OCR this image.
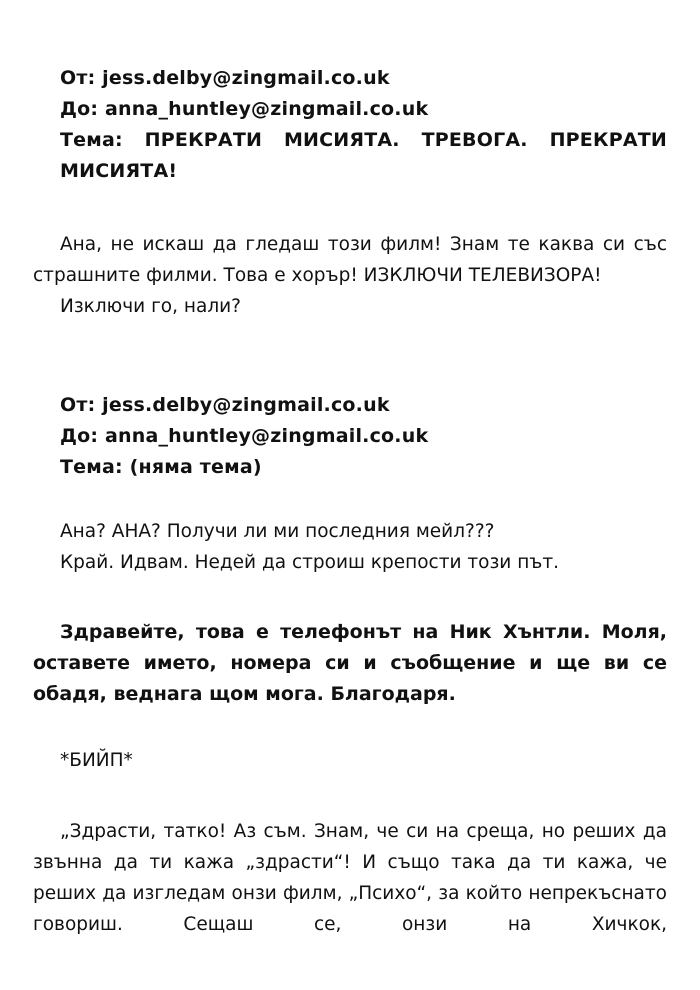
От: jess.delby@zingmail.co.uk
До: anna_huntley@zingmail.co.uk
Тема: ПРЕКРАТИ МИСИЯТА. ТРЕВОГА. ПРЕКРАТИ МИСИЯТА!

Ана, не искаш да гледаш този филм! Знам те каква си със страшните филми. Това е хорър! ИЗКЛЮЧИ ТЕЛЕВИЗОРА!

Изключи го, нали?

От: jess.delby@zingmail.co.uk
До: anna_huntley@zingmail.co.uk
Тема: (няма тема)

Ана? АНА? Получи ли ми последния мейл???

Край. Идвам. Недей да строиш крепости този път.

Здравейте, това е телефонът на Ник Хънтли. Моля, оставете името, номера си и съобщение и ще ви се обадя, веднага щом мога. Благодаря.

*БИЙП*

„Здрасти, татко! Аз съм. Знам, че си на среща, но реших да звънна да ти кажа „здрасти“! И също така да ти кажа, че реших да изгледам онзи филм, „Психо“, за който непрекъснато говориш. Сещаш се, онзи на Хичкок,
